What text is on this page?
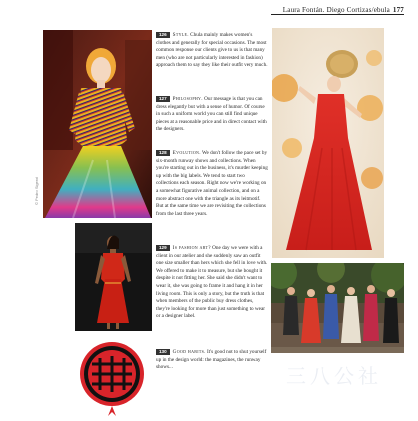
Laura Fontán. Diego Cortizas/ebula 177
© Pedro Sigerol

126 Style. Chula mainly makes women's clothes and generally for special occasions. The most common response our clients give to us is that many men (who are not particularly interested in fashion) approach them to say they like their outfit very much.

127 Philosophy. Our message is that you can dress elegantly but with a sense of humor. Of course in such a uniform world you can still find unique pieces at a reasonable price and in direct contact with the designers.

128 Evolution. We don't follow the pace set by six-month runway shows and collections. When you're starting out in the business, it's murder keeping up with the big labels. We tend to start two collections each season. Right now we're working on a somewhat figurative animal collection, and on a more abstract one with the triangle as its leitmotif. But at the same time we are revisiting the collections from the last three years.

129 Is fashion art? One day we were with a client in our atelier and she suddenly saw an outfit one size smaller than hers which she fell in love with. We offered to make it to measure, but she bought it despite it not fitting her. She said she didn't want to wear it, she was going to frame it and hang it in her living room. This is only a story, but the truth is that when members of the public buy dress clothes, they're looking for more than just something to wear or a designer label.

130 Good habits. It's good not to shut yourself up in the design world: the magazines, the runway shows...	三八公社
